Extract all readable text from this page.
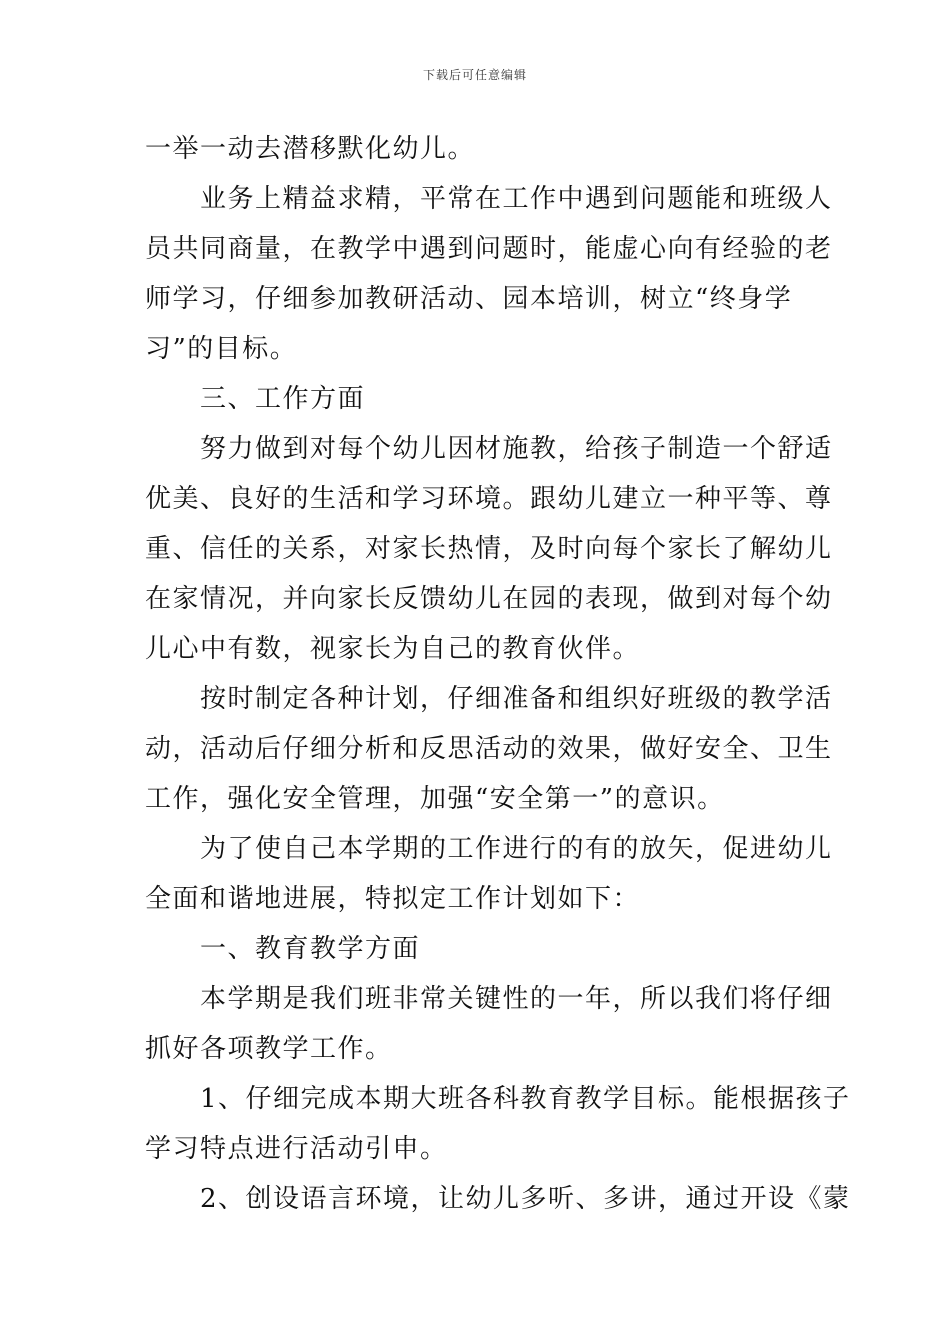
下载后可任意编辑
一举一动去潜移默化幼儿。
　　业务上精益求精，平常在工作中遇到问题能和班级人
员共同商量，在教学中遇到问题时，能虚心向有经验的老
师学习，仔细参加教研活动、园本培训，树立“终身学
习”的目标。
　　三、工作方面
　　努力做到对每个幼儿因材施教，给孩子制造一个舒适
优美、良好的生活和学习环境。跟幼儿建立一种平等、尊
重、信任的关系，对家长热情，及时向每个家长了解幼儿
在家情况，并向家长反馈幼儿在园的表现，做到对每个幼
儿心中有数，视家长为自己的教育伙伴。
　　按时制定各种计划，仔细准备和组织好班级的教学活
动，活动后仔细分析和反思活动的效果，做好安全、卫生
工作，强化安全管理，加强“安全第一”的意识。
　　为了使自己本学期的工作进行的有的放矢，促进幼儿
全面和谐地进展，特拟定工作计划如下：
　　一、教育教学方面
　　本学期是我们班非常关键性的一年，所以我们将仔细
抓好各项教学工作。
　　1、仔细完成本期大班各科教育教学目标。能根据孩子
学习特点进行活动引申。
　　2、创设语言环境，让幼儿多听、多讲，通过开设《蒙
